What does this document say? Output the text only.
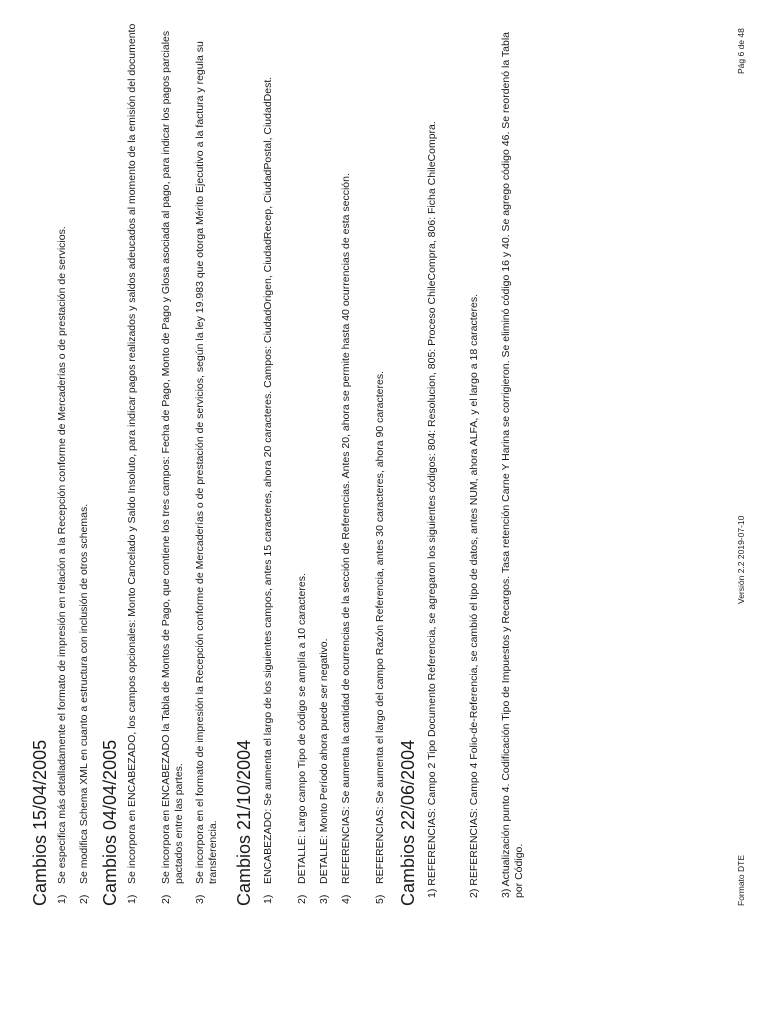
Cambios 15/04/2005 1)
Se especifica más detalladamente el formato de impresión en relación a la Recepción conforme de Mercaderías o de prestación de servicios.
2)
Se modifica Schema XML en cuanto a estructura con inclusión de otros schemas. Cambios 04/04/2005 1)
Se incorpora en ENCABEZADO, los campos opcionales: Monto Cancelado y Saldo Insoluto, para indicar pagos realizados y saldos adeucados al momento de la emisión del documento
2)
Se incorpora en ENCABEZADO la Tabla de Montos de Pago, que contiene los tres campos: Fecha de Pago, Monto de Pago y Glosa asociada al pago, para indicar los pagos parciales pactados entre las partes.
3)
Se incorpora en el formato de impresión la Recepción conforme de Mercaderías o de prestación de servicios, según la ley 19.983 que otorga Mérito Ejecutivo a la factura y regula su transferencia. Cambios 21/10/2004 1)
ENCABEZADO: Se aumenta el largo de los siguientes campos, antes 15 caracteres, ahora 20 caracteres. Campos: CiudadOrigen, CiudadRecep, CiudadPostal, CiudadDest.
2)
DETALLE: Largo campo Tipo de código se amplía a 10 caracteres.
3)
DETALLE: Monto Período ahora puede ser negativo.
4)
REFERENCIAS: Se aumenta la cantidad de ocurrencias de la sección de Referencias. Antes 20, ahora se permite hasta 40 ocurrencias de esta sección.
5)
REFERENCIAS: Se aumenta el largo del campo Razón Referencia, antes 30 caracteres, ahora 90 caracteres. Cambios 22/06/2004 1) REFERENCIAS: Campo 2 Tipo Documento Referencia, se agregaron los siguientes códigos: 804: Resolucion, 805: Proceso ChileCompra, 806: Ficha ChileCompra.	2) REFERENCIAS: Campo 4 Folio-de-Referencia, se cambió el tipo de datos, antes NUM, ahora ALFA, y el largo a 18 caracteres. 3) Actualización punto 4. Codificación Tipo de Impuestos y Recargos. Tasa retención Carne Y Harina se corrigieron. Se eliminó código 16 y 40. Se agrego código 46. Se reordenó la Tabla por Código.	Formato DTE
Versión 2.2 2019-07-10
Pág 6 de 48
